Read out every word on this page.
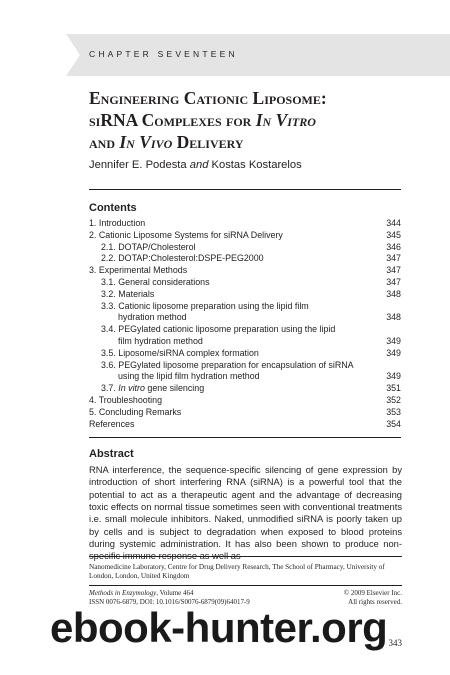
CHAPTER SEVENTEEN
Engineering Cationic Liposome:
siRNA Complexes for In Vitro
and In Vivo Delivery
Jennifer E. Podesta and Kostas Kostarelos
Contents
1. Introduction	344
2. Cationic Liposome Systems for siRNA Delivery	345
2.1. DOTAP/Cholesterol	346
2.2. DOTAP:Cholesterol:DSPE-PEG2000	347
3. Experimental Methods	347
3.1. General considerations	347
3.2. Materials	348
3.3. Cationic liposome preparation using the lipid film
hydration method	348
3.4. PEGylated cationic liposome preparation using the lipid
film hydration method	349
3.5. Liposome/siRNA complex formation	349
3.6. PEGylated liposome preparation for encapsulation of siRNA
using the lipid film hydration method	349
3.7. In vitro gene silencing	351
4. Troubleshooting	352
5. Concluding Remarks	353
References	354
Abstract

RNA interference, the sequence-specific silencing of gene expression by introduction of short interfering RNA (siRNA) is a powerful tool that the potential to act as a therapeutic agent and the advantage of decreasing toxic effects on normal tissue sometimes seen with conventional treatments i.e. small molecule inhibitors. Naked, unmodified siRNA is poorly taken up by cells and is subject to degradation when exposed to blood proteins during systemic administration. It has also been shown to produce non-specific immune response as well as

Nanomedicine Laboratory, Centre for Drug Delivery Research, The School of Pharmacy, University of London, London, United Kingdom

Methods in Enzymology, Volume 464	© 2009 Elsevier Inc.
ISSN 0076-6879, DOI: 10.1016/S0076-6879(09)64017-9	All rights reserved.
343
ebook-hunter.org
